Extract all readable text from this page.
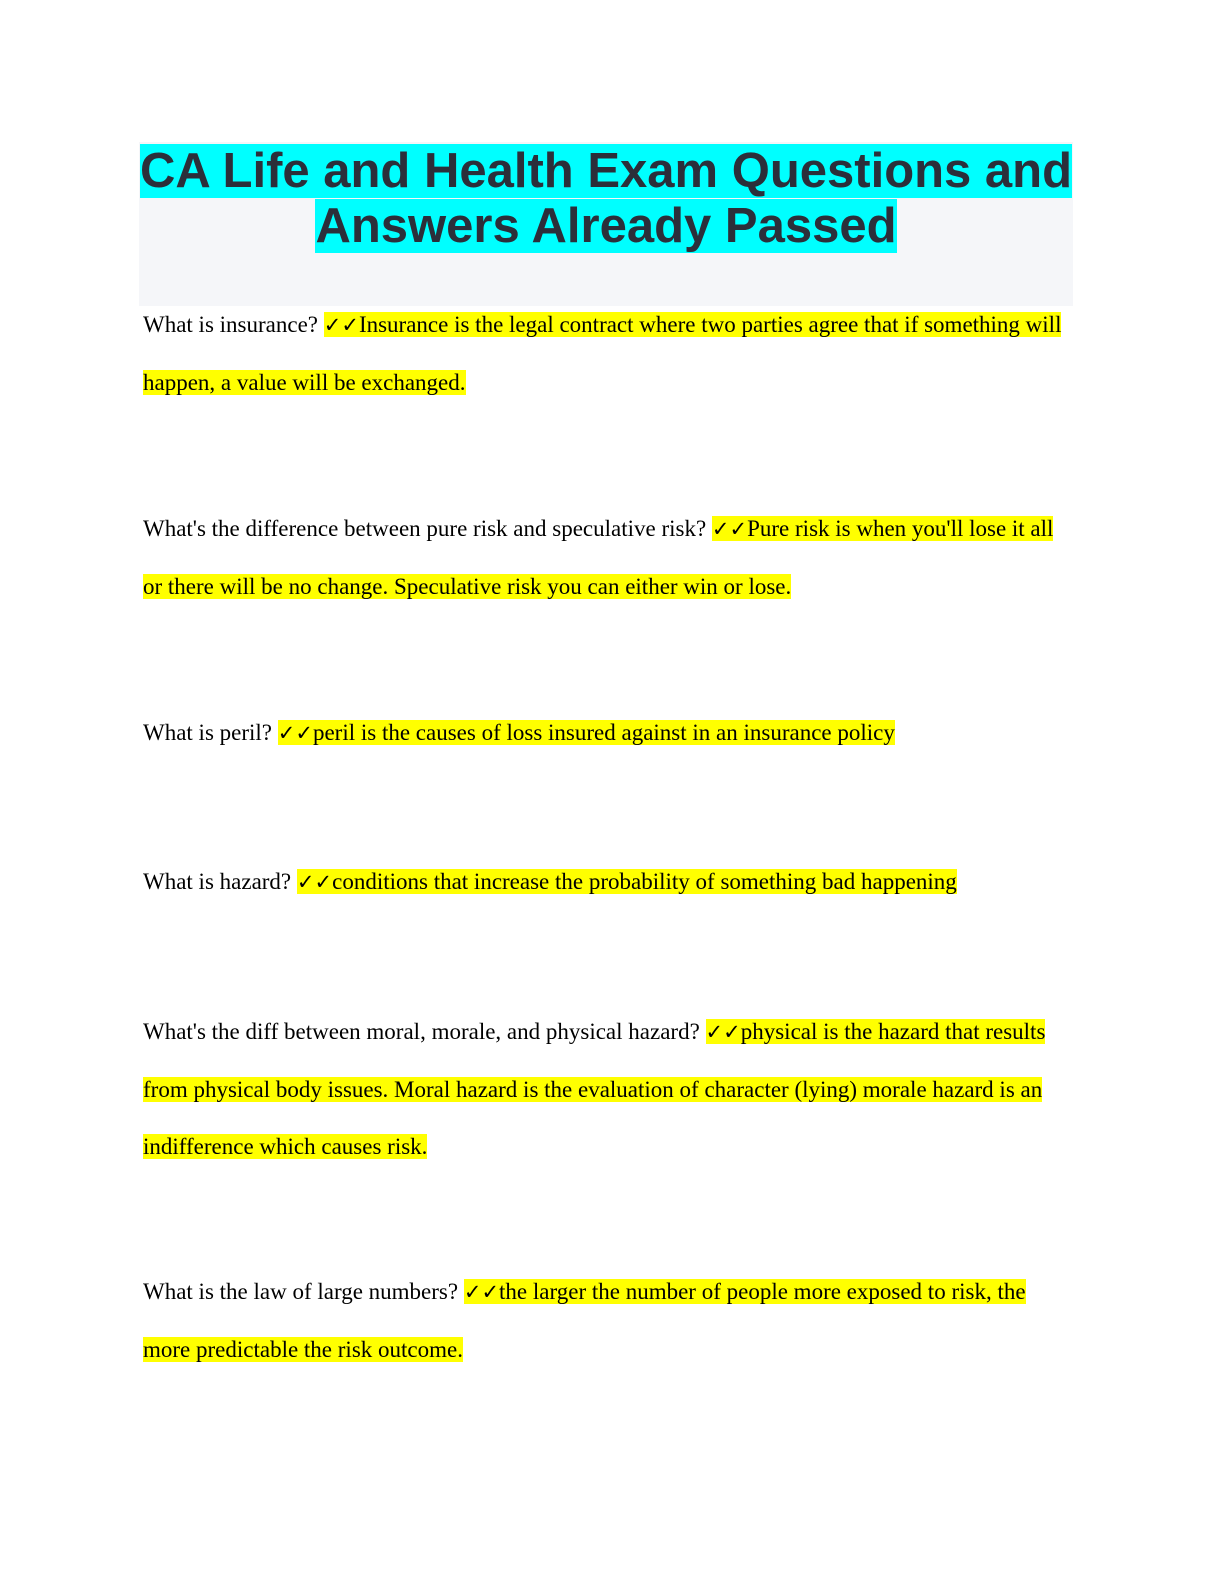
CA Life and Health Exam Questions and
Answers Already Passed

What is insurance? ✓✓Insurance is the legal contract where two parties agree that if something will happen, a value will be exchanged.

What's the difference between pure risk and speculative risk? ✓✓Pure risk is when you'll lose it all or there will be no change. Speculative risk you can either win or lose.

What is peril? ✓✓peril is the causes of loss insured against in an insurance policy

What is hazard? ✓✓conditions that increase the probability of something bad happening

What's the diff between moral, morale, and physical hazard? ✓✓physical is the hazard that results from physical body issues. Moral hazard is the evaluation of character (lying) morale hazard is an indifference which causes risk.

What is the law of large numbers? ✓✓the larger the number of people more exposed to risk, the more predictable the risk outcome.
